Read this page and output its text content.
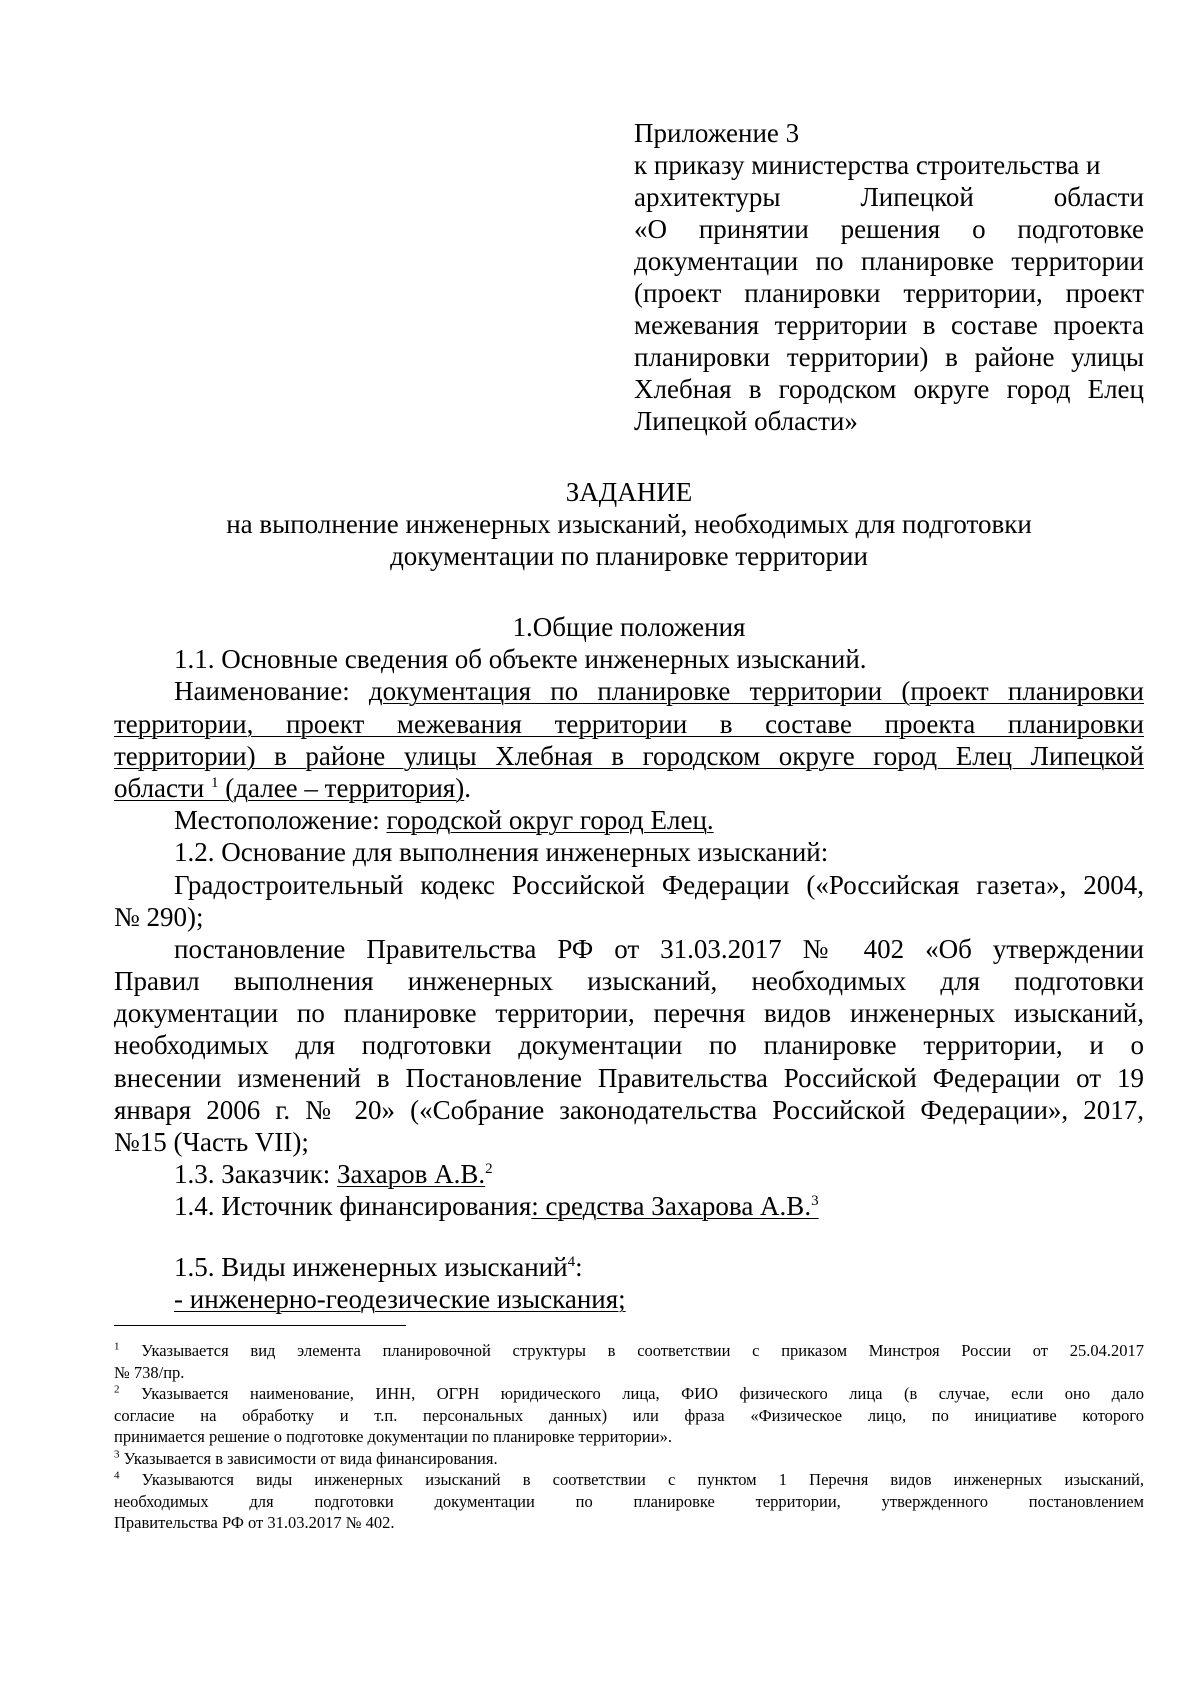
Приложение 3
к приказу министерства строительства и
архитектуры Липецкой области
«О принятии решения о подготовке
документации по планировке территории
(проект планировки территории, проект
межевания территории в составе проекта
планировки территории) в районе улицы
Хлебная в городском округе город Елец
Липецкой области»
ЗАДАНИЕ
на выполнение инженерных изысканий, необходимых для подготовки
документации по планировке территории
1.Общие положения
1.1. Основные сведения об объекте инженерных изысканий.
Наименование: документация по планировке территории (проект планировки
территории, проект межевания территории в составе проекта планировки
территории) в районе улицы Хлебная в городском округе город Елец Липецкой
области $^1$ (далее – территория).
Местоположение: городской округ город Елец.
1.2. Основание для выполнения инженерных изысканий:
Градостроительный кодекс Российской Федерации («Российская газета», 2004,
№ 290);
постановление Правительства РФ от 31.03.2017 № 402 «Об утверждении
Правил выполнения инженерных изысканий, необходимых для подготовки
документации по планировке территории, перечня видов инженерных изысканий,
необходимых для подготовки документации по планировке территории, и о
внесении изменений в Постановление Правительства Российской Федерации от 19
января 2006 г. № 20» («Собрание законодательства Российской Федерации», 2017,
№15 (Часть VII);
1.3. Заказчик: Захаров А.В.$^2$
1.4. Источник финансирования: средства Захарова А.В.$^3$
1.5. Виды инженерных изысканий$^4$:
- инженерно-геодезические изыскания;
$^1$ Указывается вид элемента планировочной структуры в соответствии с приказом Минстроя России от 25.04.2017
№ 738/пр.
$^2$ Указывается наименование, ИНН, ОГРН юридического лица, ФИО физического лица (в случае, если оно дало
согласие на обработку и т.п. персональных данных) или фраза «Физическое лицо, по инициативе которого
принимается решение о подготовке документации по планировке территории».
$^3$ Указывается в зависимости от вида финансирования.
$^4$ Указываются виды инженерных изысканий в соответствии с пунктом 1 Перечня видов инженерных изысканий,
необходимых для подготовки документации по планировке территории, утвержденного постановлением
Правительства РФ от 31.03.2017 № 402.
